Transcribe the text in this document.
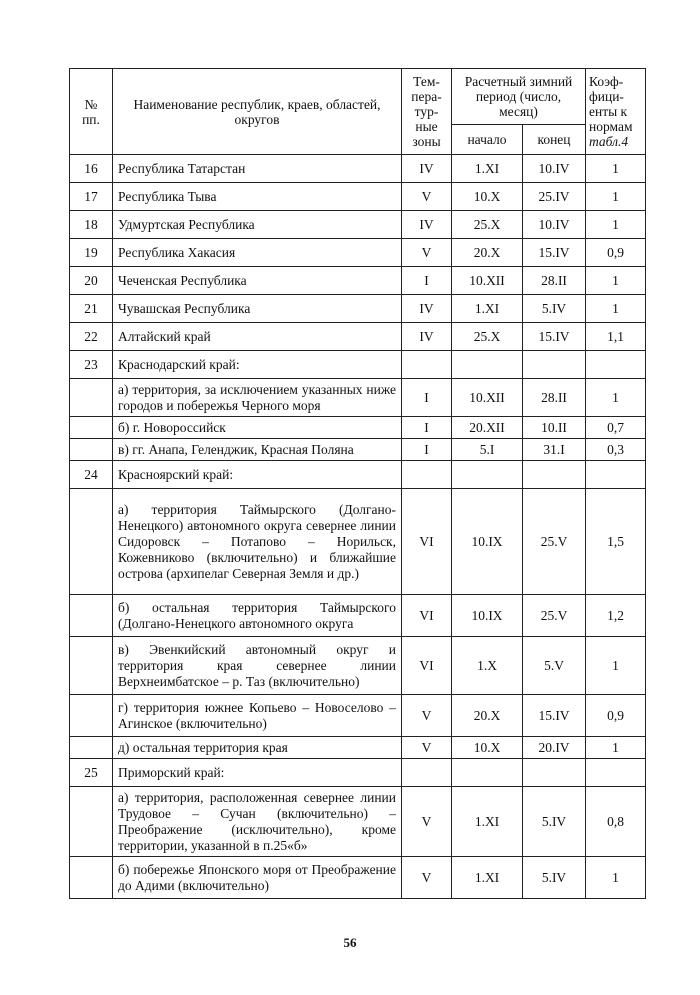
№
пп.	Наименование республик, краев, областей, округов	Тем-
пера-
тур-
ные
зоны	Расчетный зимний период (число, месяц)		Коэф-
фици-
енты к
нормам
табл.4
			начало	конец	
16	Республика Татарстан	IV	1.XI	10.IV	1
17	Республика Тыва	V	10.X	25.IV	1
18	Удмуртская Республика	IV	25.X	10.IV	1
19	Республика Хакасия	V	20.X	15.IV	0,9
20	Чеченская Республика	I	10.XII	28.II	1
21	Чувашская Республика	IV	1.XI	5.IV	1
22	Алтайский край	IV	25.X	15.IV	1,1
23	Краснодарский край:				
	а) территория, за исключением указанных ниже городов и побережья Черного моря	I	10.XII	28.II	1
	б) г. Новороссийск	I	20.XII	10.II	0,7
	в) гг. Анапа, Геленджик, Красная Поляна	I	5.I	31.I	0,3
24	Красноярский край:				
	а) территория Таймырского (Долгано-Ненецкого) автономного округа севернее линии Сидоровск – Потапово – Норильск, Кожевниково (включительно) и ближайшие острова (архипелаг Северная Земля и др.)	VI	10.IX	25.V	1,5
	б) остальная территория Таймырского (Долгано-Ненецкого автономного округа	VI	10.IX	25.V	1,2
	в) Эвенкийский автономный округ и территория края севернее линии Верхнеимбатское – р. Таз (включительно)	VI	1.X	5.V	1
	г) территория южнее Копьево – Новоселово – Агинское (включительно)	V	20.X	15.IV	0,9
	д) остальная территория края	V	10.X	20.IV	1
25	Приморский край:				
	а) территория, расположенная севернее линии Трудовое – Сучан (включительно) – Преображение (исключительно), кроме территории, указанной в п.25«б»	V	1.XI	5.IV	0,8
	б) побережье Японского моря от Преображение до Адими (включительно)	V	1.XI	5.IV	1
56
